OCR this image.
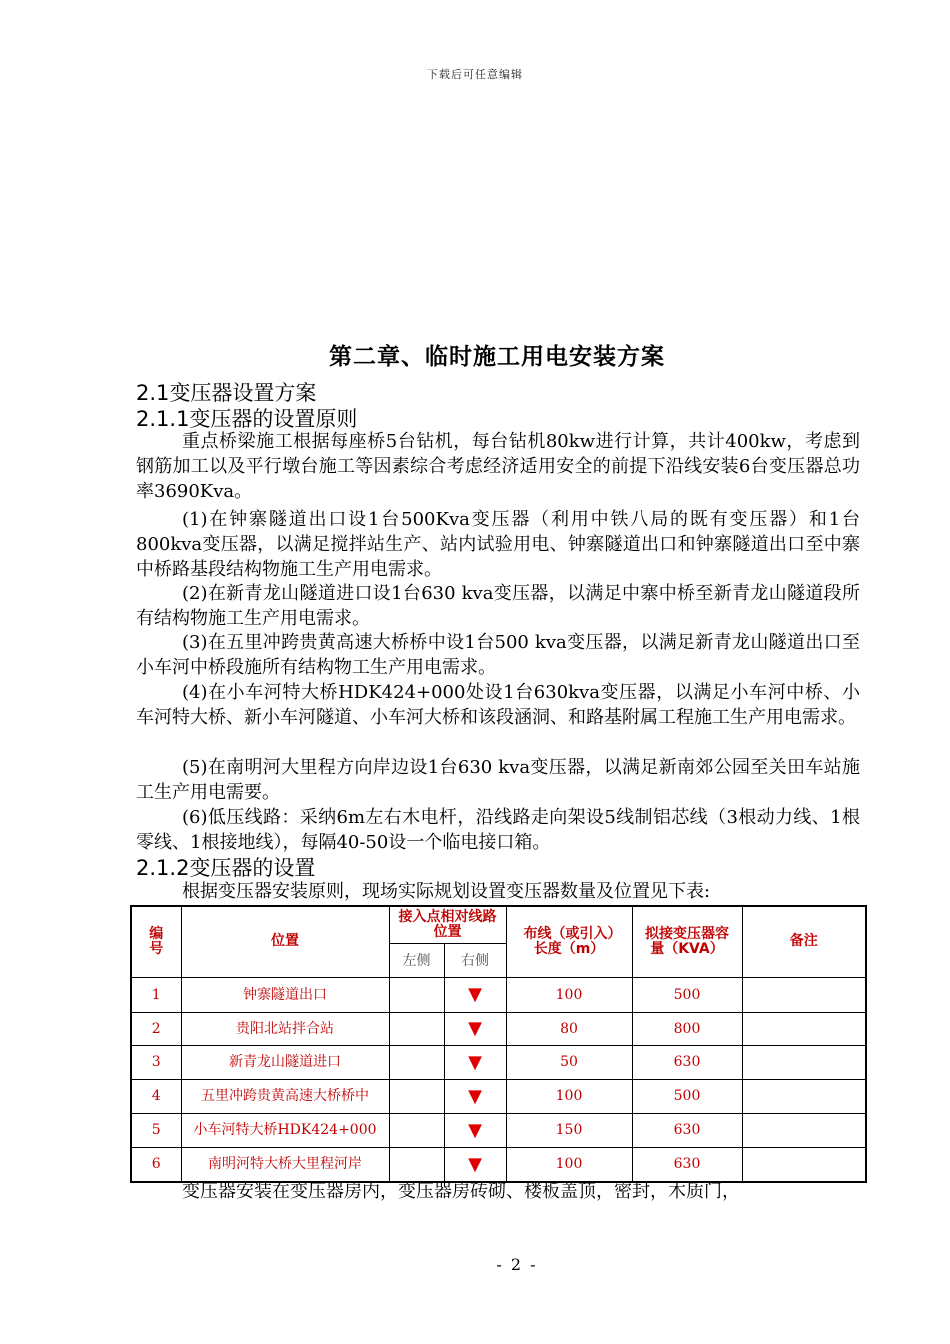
下载后可任意编辑
第二章、临时施工用电安装方案
2.1变压器设置方案
2.1.1变压器的设置原则

重点桥梁施工根据每座桥5台钻机，每台钻机80kw进行计算，共计400kw，考虑到钢筋加工以及平行墩台施工等因素综合考虑经济适用安全的前提下沿线安装6台变压器总功率3690Kva。

(1)在钟寨隧道出口设1台500Kva变压器（利用中铁八局的既有变压器）和1台800kva变压器，以满足搅拌站生产、站内试验用电、钟寨隧道出口和钟寨隧道出口至中寨中桥路基段结构物施工生产用电需求。

(2)在新青龙山隧道进口设1台630 kva变压器，以满足中寨中桥至新青龙山隧道段所有结构物施工生产用电需求。

(3)在五里冲跨贵黄高速大桥桥中设1台500 kva变压器，以满足新青龙山隧道出口至小车河中桥段施所有结构物工生产用电需求。

(4)在小车河特大桥HDK424+000处设1台630kva变压器，以满足小车河中桥、小车河特大桥、新小车河隧道、小车河大桥和该段涵洞、和路基附属工程施工生产用电需求。

(5)在南明河大里程方向岸边设1台630 kva变压器，以满足新南郊公园至关田车站施工生产用电需要。

(6)低压线路：采纳6m左右木电杆，沿线路走向架设5线制铝芯线（3根动力线、1根零线、1根接地线），每隔40-50设一个临电接口箱。

2.1.2变压器的设置

根据变压器安装原则，现场实际规划设置变压器数量及位置见下表:

编号	位置	接入点相对线路位置		布线（或引入）长度（m）	拟接变压器容量（KVA）	备注
		左侧	右侧			
1	钟寨隧道出口		▼	100	500	
2	贵阳北站拌合站		▼	80	800	
3	新青龙山隧道进口		▼	50	630	
4	五里冲跨贵黄高速大桥桥中		▼	100	500	
5	小车河特大桥HDK424+000		▼	150	630	
6	南明河特大桥大里程河岸		▼	100	630	

变压器安装在变压器房内，变压器房砖砌、楼板盖顶，密封，木质门，

- 2 -
